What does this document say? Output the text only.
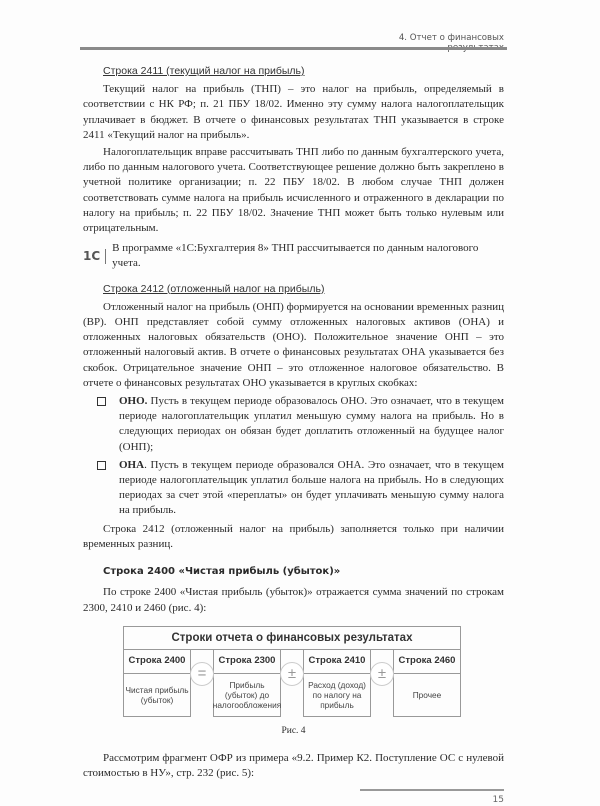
4. Отчет о финансовых
Строка 2411 (текущий налог на прибыль)

Текущий налог на прибыль (ТНП) – это налог на прибыль, определяемый в соответствии с НК РФ; п. 21 ПБУ 18/02. Именно эту сумму налога налогоплательщик уплачивает в бюджет. В отчете о финансовых результатах ТНП указывается в строке 2411 «Текущий налог на прибыль».

Налогоплательщик вправе рассчитывать ТНП либо по данным бухгалтерского учета, либо по данным налогового учета. Соответствующее решение должно быть закреплено в учетной политике организации; п. 22 ПБУ 18/02. В любом случае ТНП должен соответствовать сумме налога на прибыль исчисленного и отраженного в декларации по налогу на прибыль; п. 22 ПБУ 18/02. Значение ТНП может быть только нулевым или отрицательным.

1С
В программе «1С:Бухгалтерия 8» ТНП рассчитывается по данным налогового учета.
Строка 2412 (отложенный налог на прибыль)

Отложенный налог на прибыль (ОНП) формируется на основании временных разниц (ВР). ОНП представляет собой сумму отложенных налоговых активов (ОНА) и отложенных налоговых обязательств (ОНО). Положительное значение ОНП – это отложенный налоговый актив. В отчете о финансовых результатах ОНА указывается без скобок. Отрицательное значение ОНП – это отложенное налоговое обязательство. В отчете о финансовых результатах ОНО указывается в круглых скобках:

ОНО. Пусть в текущем периоде образовалось ОНО. Это означает, что в текущем периоде налогоплательщик уплатил меньшую сумму налога на прибыль. Но в следующих периодах он обязан будет доплатить отложенный на будущее налог (ОНП);
ОНА. Пусть в текущем периоде образовался ОНА. Это означает, что в текущем периоде налогоплательщик уплатил больше налога на прибыль. Но в следующих периодах за счет этой «переплаты» он будет уплачивать меньшую сумму налога на прибыль.

Строка 2412 (отложенный налог на прибыль) заполняется только при наличии временных разниц.

Строка 2400 «Чистая прибыль (убыток)»

По строке 2400 «Чистая прибыль (убыток)» отражается сумма значений по строкам 2300, 2410 и 2460 (рис. 4):

Строки отчета о финансовых результатах
Строка 2400
Чистая прибыль (убыток)
Строка 2300
Прибыль (убыток) до налогообложения
Строка 2410
Расход (доход) по налогу на прибыль
Строка 2460
Прочее
=	±	±
Рис. 4

Рассмотрим фрагмент ОФР из примера «9.2. Пример К2. Поступление ОС с нулевой стоимостью в НУ», стр. 232 (рис. 5):

15
